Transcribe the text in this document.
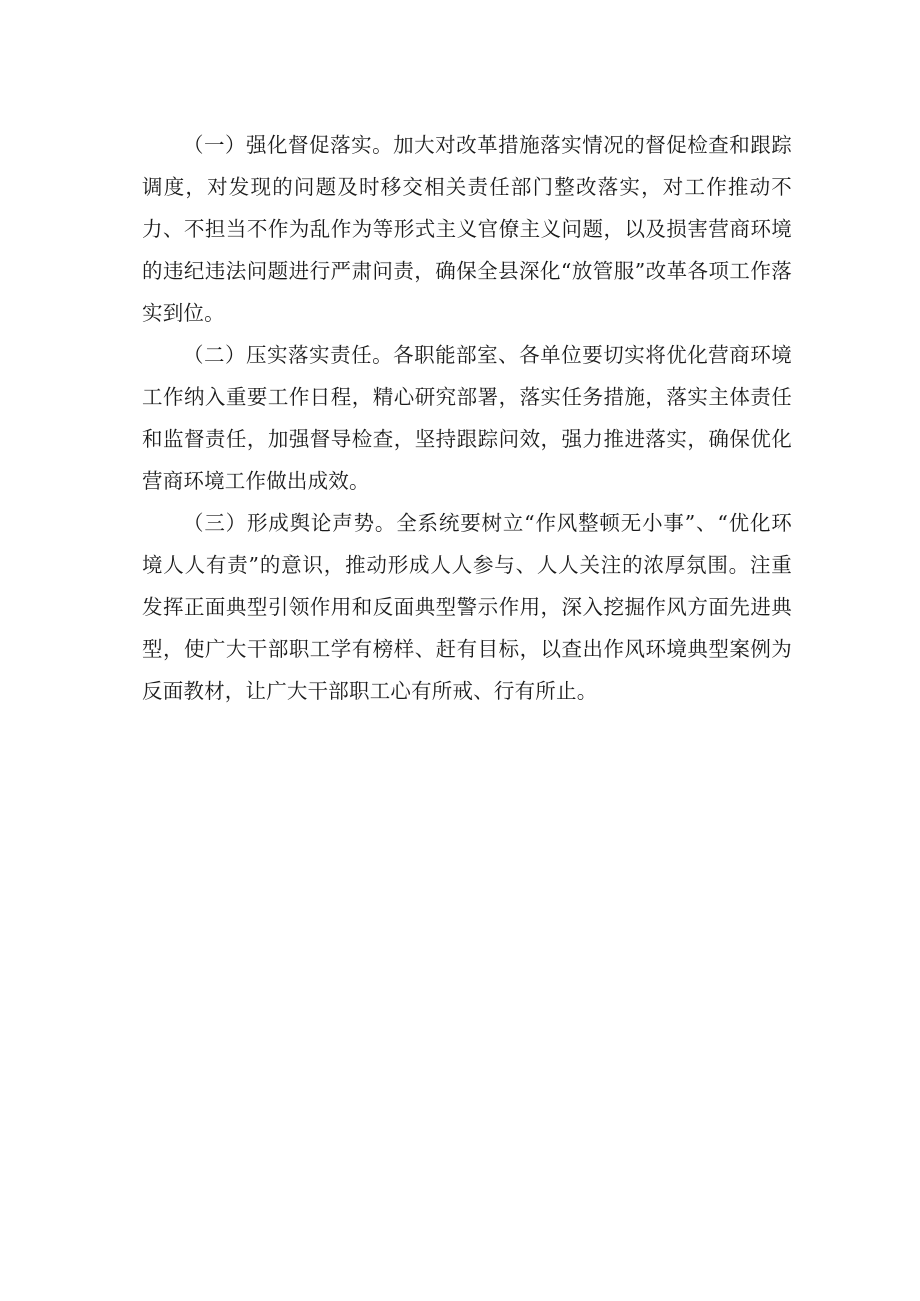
（一）强化督促落实。加大对改革措施落实情况的督促检查和跟踪调度，对发现的问题及时移交相关责任部门整改落实，对工作推动不力、不担当不作为乱作为等形式主义官僚主义问题，以及损害营商环境的违纪违法问题进行严肃问责，确保全县深化“放管服”改革各项工作落实到位。

（二）压实落实责任。各职能部室、各单位要切实将优化营商环境工作纳入重要工作日程，精心研究部署，落实任务措施，落实主体责任和监督责任，加强督导检查，坚持跟踪问效，强力推进落实，确保优化营商环境工作做出成效。

（三）形成舆论声势。全系统要树立“作风整顿无小事”、“优化环境人人有责”的意识，推动形成人人参与、人人关注的浓厚氛围。注重发挥正面典型引领作用和反面典型警示作用，深入挖掘作风方面先进典型，使广大干部职工学有榜样、赶有目标，以查出作风环境典型案例为反面教材，让广大干部职工心有所戒、行有所止。
